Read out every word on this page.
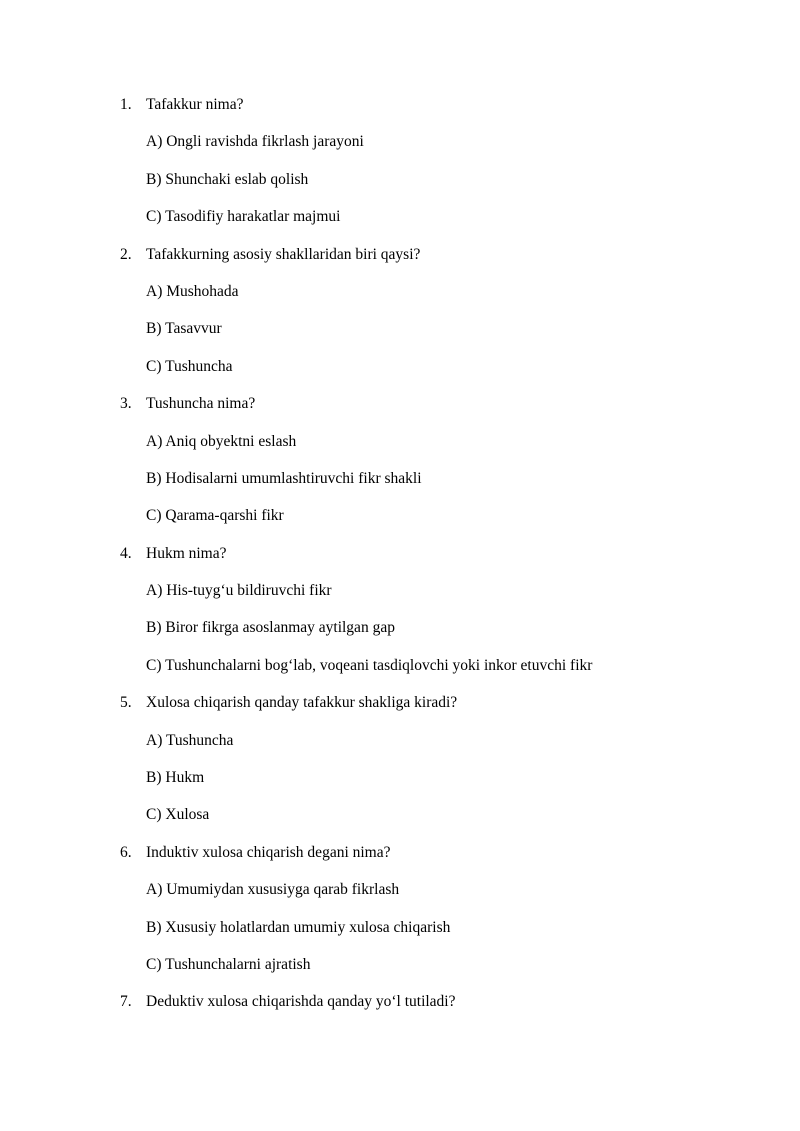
1. Tafakkur nima?
A) Ongli ravishda fikrlash jarayoni
B) Shunchaki eslab qolish
C) Tasodifiy harakatlar majmui
2. Tafakkurning asosiy shakllaridan biri qaysi?
A) Mushohada
B) Tasavvur
C) Tushuncha
3. Tushuncha nima?
A) Aniq obyektni eslash
B) Hodisalarni umumlashtiruvchi fikr shakli
C) Qarama-qarshi fikr
4. Hukm nima?
A) His-tuyg‘u bildiruvchi fikr
B) Biror fikrga asoslanmay aytilgan gap
C) Tushunchalarni bog‘lab, voqeani tasdiqlovchi yoki inkor etuvchi fikr
5. Xulosa chiqarish qanday tafakkur shakliga kiradi?
A) Tushuncha
B) Hukm
C) Xulosa
6. Induktiv xulosa chiqarish degani nima?
A) Umumiydan xususiyga qarab fikrlash
B) Xususiy holatlardan umumiy xulosa chiqarish
C) Tushunchalarni ajratish
7. Deduktiv xulosa chiqarishda qanday yo‘l tutiladi?
